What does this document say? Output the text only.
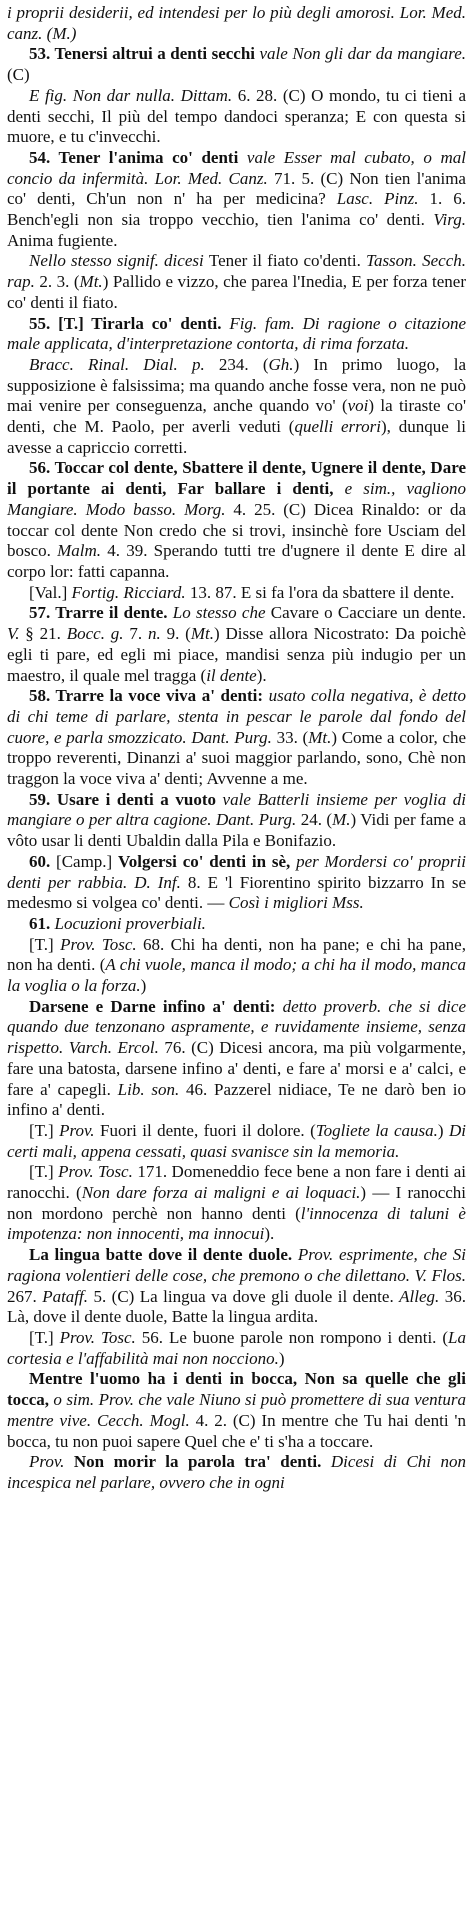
i proprii desiderii, ed intendesi per lo più degli amorosi. Lor. Med. canz. (M.)

53. Tenersi altrui a denti secchi vale Non gli dar da mangiare. (C)

E fig. Non dar nulla. Dittam. 6. 28. (C) O mondo, tu ci tieni a denti secchi, Il più del tempo dandoci speranza; E con questa si muore, e tu c'invecchi.

54. Tener l'anima co' denti vale Esser mal cubato, o mal concio da infermità. Lor. Med. Canz. 71. 5. (C) Non tien l'anima co' denti, Ch'un non n' ha per medicina? Lasc. Pinz. 1. 6. Bench'egli non sia troppo vecchio, tien l'anima co' denti. Virg. Anima fugiente.

Nello stesso signif. dicesi Tener il fiato co'denti. Tasson. Secch. rap. 2. 3. (Mt.) Pallido e vizzo, che parea l'Inedia, E per forza tener co' denti il fiato.

55. [T.] Tirarla co' denti. Fig. fam. Di ragione o citazione male applicata, d'interpretazione contorta, di rima forzata.

Bracc. Rinal. Dial. p. 234. (Gh.) In primo luogo, la supposizione è falsissima; ma quando anche fosse vera, non ne può mai venire per conseguenza, anche quando vo' (voi) la tiraste co' denti, che M. Paolo, per averli veduti (quelli errori), dunque li avesse a capriccio corretti.

56. Toccar col dente, Sbattere il dente, Ugnere il dente, Dare il portante ai denti, Far ballare i denti, e sim., vagliono Mangiare. Modo basso. Morg. 4. 25. (C) Dicea Rinaldo: or da toccar col dente Non credo che si trovi, insinchè fore Usciam del bosco. Malm. 4. 39. Sperando tutti tre d'ugnere il dente E dire al corpo lor: fatti capanna.

[Val.] Fortig. Ricciard. 13. 87. E si fa l'ora da sbattere il dente.

57. Trarre il dente. Lo stesso che Cavare o Cacciare un dente. V. § 21. Bocc. g. 7. n. 9. (Mt.) Disse allora Nicostrato: Da poichè egli ti pare, ed egli mi piace, mandisi senza più indugio per un maestro, il quale mel tragga (il dente).

58. Trarre la voce viva a' denti: usato colla negativa, è detto di chi teme di parlare, stenta in pescar le parole dal fondo del cuore, e parla smozzicato. Dant. Purg. 33. (Mt.) Come a color, che troppo reverenti, Dinanzi a' suoi maggior parlando, sono, Chè non traggon la voce viva a' denti; Avvenne a me.

59. Usare i denti a vuoto vale Batterli insieme per voglia di mangiare o per altra cagione. Dant. Purg. 24. (M.) Vidi per fame a vôto usar li denti Ubaldin dalla Pila e Bonifazio.

60. [Camp.] Volgersi co' denti in sè, per Mordersi co' proprii denti per rabbia. D. Inf. 8. E 'l Fiorentino spirito bizzarro In se medesmo si volgea co' denti. — Così i migliori Mss.

61. Locuzioni proverbiali.

[T.] Prov. Tosc. 68. Chi ha denti, non ha pane; e chi ha pane, non ha denti. (A chi vuole, manca il modo; a chi ha il modo, manca la voglia o la forza.)

Darsene e Darne infino a' denti: detto proverb. che si dice quando due tenzonano aspramente, e ruvidamente insieme, senza rispetto. Varch. Ercol. 76. (C) Dicesi ancora, ma più volgarmente, fare una batosta, darsene infino a' denti, e fare a' morsi e a' calci, e fare a' capegli. Lib. son. 46. Pazzerel nidiace, Te ne darò ben io infino a' denti.

[T.] Prov. Fuori il dente, fuori il dolore. (Togliete la causa.) Di certi mali, appena cessati, quasi svanisce sin la memoria.

[T.] Prov. Tosc. 171. Domeneddio fece bene a non fare i denti ai ranocchi. (Non dare forza ai maligni e ai loquaci.) — I ranocchi non mordono perchè non hanno denti (l'innocenza di taluni è impotenza: non innocenti, ma innocui).

La lingua batte dove il dente duole. Prov. esprimente, che Si ragiona volentieri delle cose, che premono o che dilettano. V. Flos. 267. Pataff. 5. (C) La lingua va dove gli duole il dente. Alleg. 36. Là, dove il dente duole, Batte la lingua ardita.

[T.] Prov. Tosc. 56. Le buone parole non rompono i denti. (La cortesia e l'affabilità mai non nocciono.)

Mentre l'uomo ha i denti in bocca, Non sa quelle che gli tocca, o sim. Prov. che vale Niuno si può promettere di sua ventura mentre vive. Cecch. Mogl. 4. 2. (C) In mentre che Tu hai denti 'n bocca, tu non puoi sapere Quel che e' ti s'ha a toccare.

Prov. Non morir la parola tra' denti. Dicesi di Chi non incespica nel parlare, ovvero che in ogni
